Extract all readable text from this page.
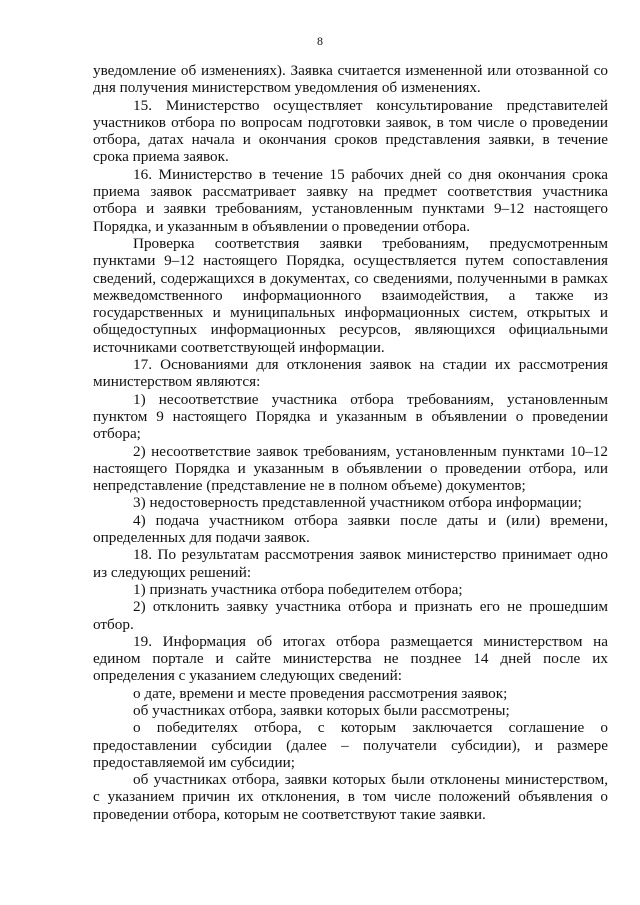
8

уведомление об изменениях). Заявка считается измененной или отозванной со дня получения министерством уведомления об изменениях.

15. Министерство осуществляет консультирование представителей участников отбора по вопросам подготовки заявок, в том числе о проведении отбора, датах начала и окончания сроков представления заявки, в течение срока приема заявок.

16. Министерство в течение 15 рабочих дней со дня окончания срока приема заявок рассматривает заявку на предмет соответствия участника отбора и заявки требованиям, установленным пунктами 9–12 настоящего Порядка, и указанным в объявлении о проведении отбора.

Проверка соответствия заявки требованиям, предусмотренным пунктами 9–12 настоящего Порядка, осуществляется путем сопоставления сведений, содержащихся в документах, со сведениями, полученными в рамках межведомственного информационного взаимодействия, а также из государственных и муниципальных информационных систем, открытых и общедоступных информационных ресурсов, являющихся официальными источниками соответствующей информации.

17. Основаниями для отклонения заявок на стадии их рассмотрения министерством являются:

1) несоответствие участника отбора требованиям, установленным пунктом 9 настоящего Порядка и указанным в объявлении о проведении отбора;

2) несоответствие заявок требованиям, установленным пунктами 10–12 настоящего Порядка и указанным в объявлении о проведении отбора, или непредставление (представление не в полном объеме) документов;

3) недостоверность представленной участником отбора информации;

4) подача участником отбора заявки после даты и (или) времени, определенных для подачи заявок.

18. По результатам рассмотрения заявок министерство принимает одно из следующих решений:

1) признать участника отбора победителем отбора;

2) отклонить заявку участника отбора и признать его не прошедшим отбор.

19. Информация об итогах отбора размещается министерством на едином портале и сайте министерства не позднее 14 дней после их определения с указанием следующих сведений:

о дате, времени и месте проведения рассмотрения заявок;

об участниках отбора, заявки которых были рассмотрены;

о победителях отбора, с которым заключается соглашение о предоставлении субсидии (далее – получатели субсидии), и размере предоставляемой им субсидии;

об участниках отбора, заявки которых были отклонены министерством, с указанием причин их отклонения, в том числе положений объявления о проведении отбора, которым не соответствуют такие заявки.
